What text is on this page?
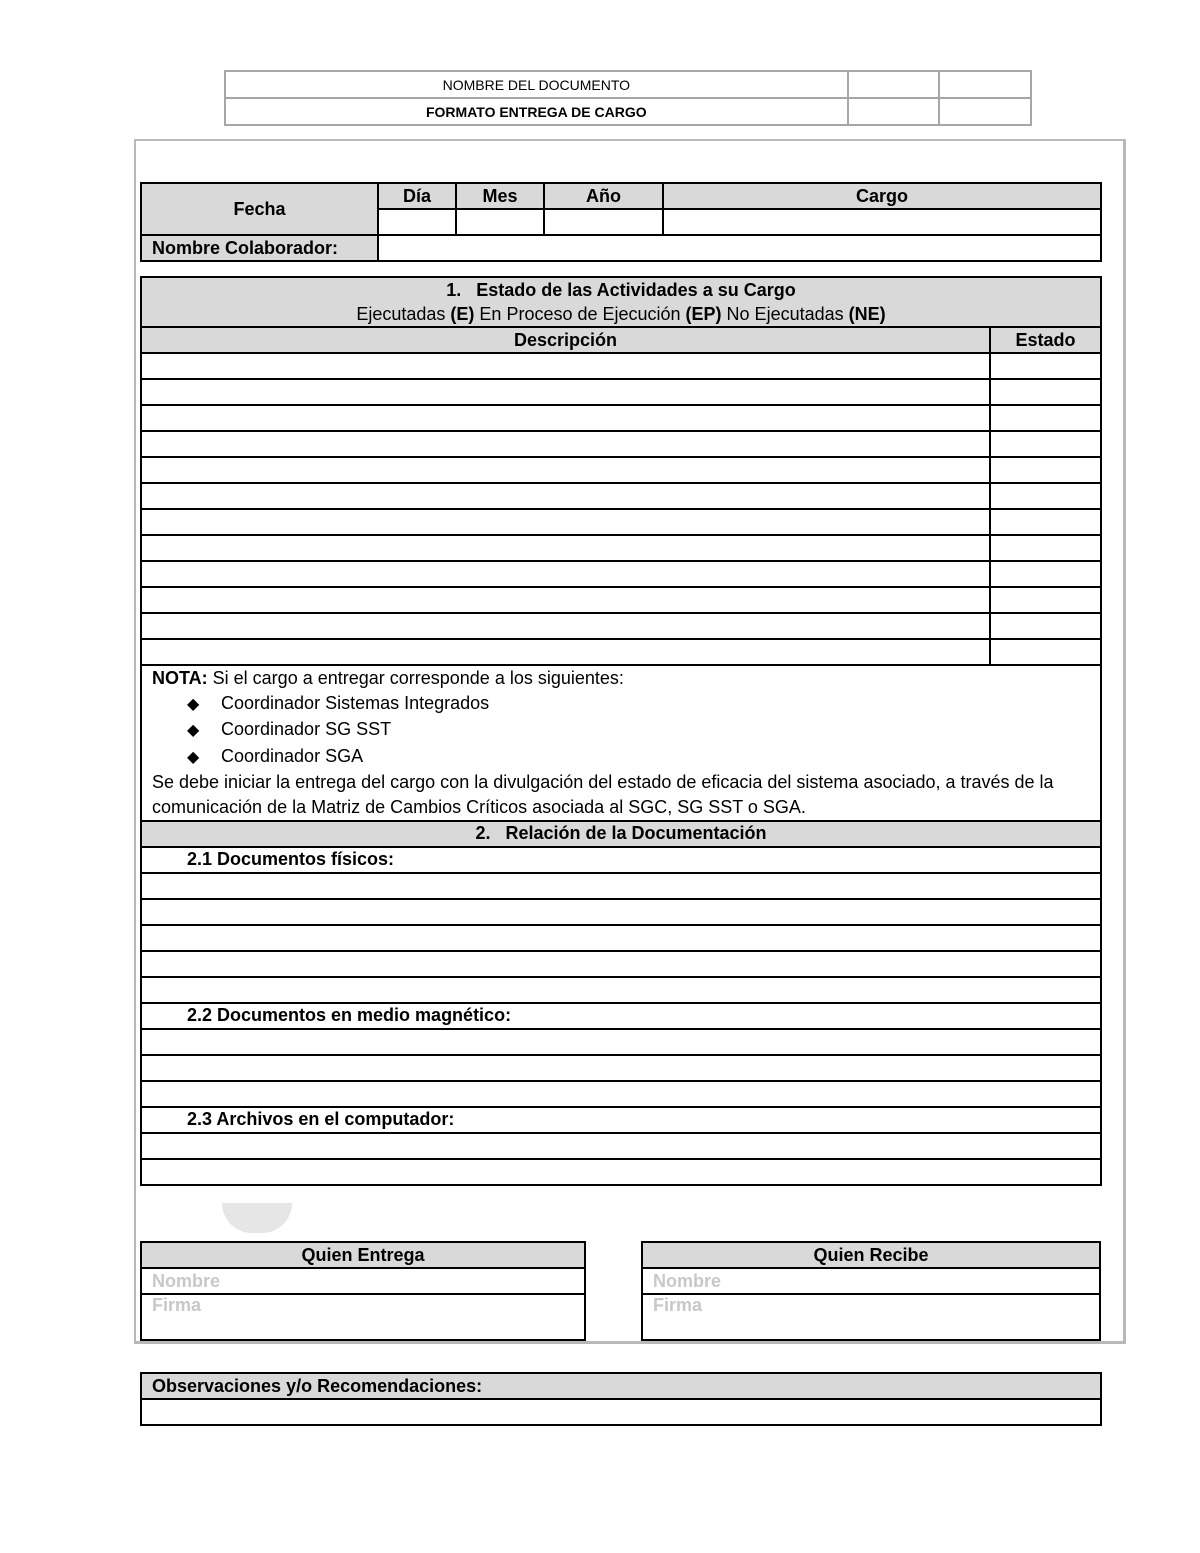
NOMBRE DEL DOCUMENTO		
FORMATO ENTREGA DE CARGO		
Fecha	Día	Mes	Año	Cargo

Nombre Colaborador:				
1.   Estado de las Actividades a su Cargo
Ejecutadas (E) En Proceso de Ejecución (EP) No Ejecutadas (NE)	

Descripción	Estado

NOTA: Si el cargo a entregar corresponde a los siguientes:
◆ Coordinador Sistemas Integrados
◆ Coordinador SG SST
◆ Coordinador SGA
Se debe iniciar la entrega del cargo con la divulgación del estado de eficacia del sistema asociado, a través de la comunicación de la Matriz de Cambios Críticos asociada al SGC, SG SST o SGA.	

2.   Relación de la Documentación	
2.1 Documentos físicos:	

2.2 Documentos en medio magnético:	

2.3 Archivos en el computador:	

Quien Entrega
Nombre
Firma
Quien Recibe
Nombre
Firma
Observaciones y/o Recomendaciones:
